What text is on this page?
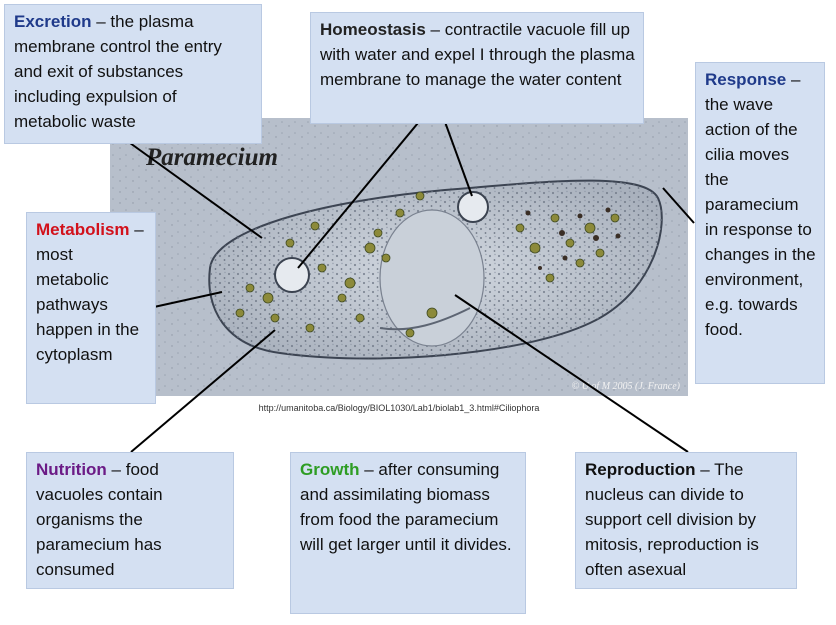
Paramecium
© U of M 2005 (J. France)
http://umanitoba.ca/Biology/BIOL1030/Lab1/biolab1_3.html#Ciliophora
Excretion – the plasma membrane control the entry and exit of substances including expulsion of metabolic waste
Homeostasis – contractile vacuole fill up with water and expel I through the plasma membrane to manage the water content	Response – the wave action of the cilia moves the paramecium in response to changes in the environment, e.g. towards food.
Metabolism – most metabolic pathways happen in the cytoplasm
Nutrition – food vacuoles contain organisms the paramecium has consumed
Growth – after consuming and assimilating biomass from food the paramecium will get larger until it divides.
Reproduction – The nucleus can divide to support cell division by mitosis, reproduction is often asexual
